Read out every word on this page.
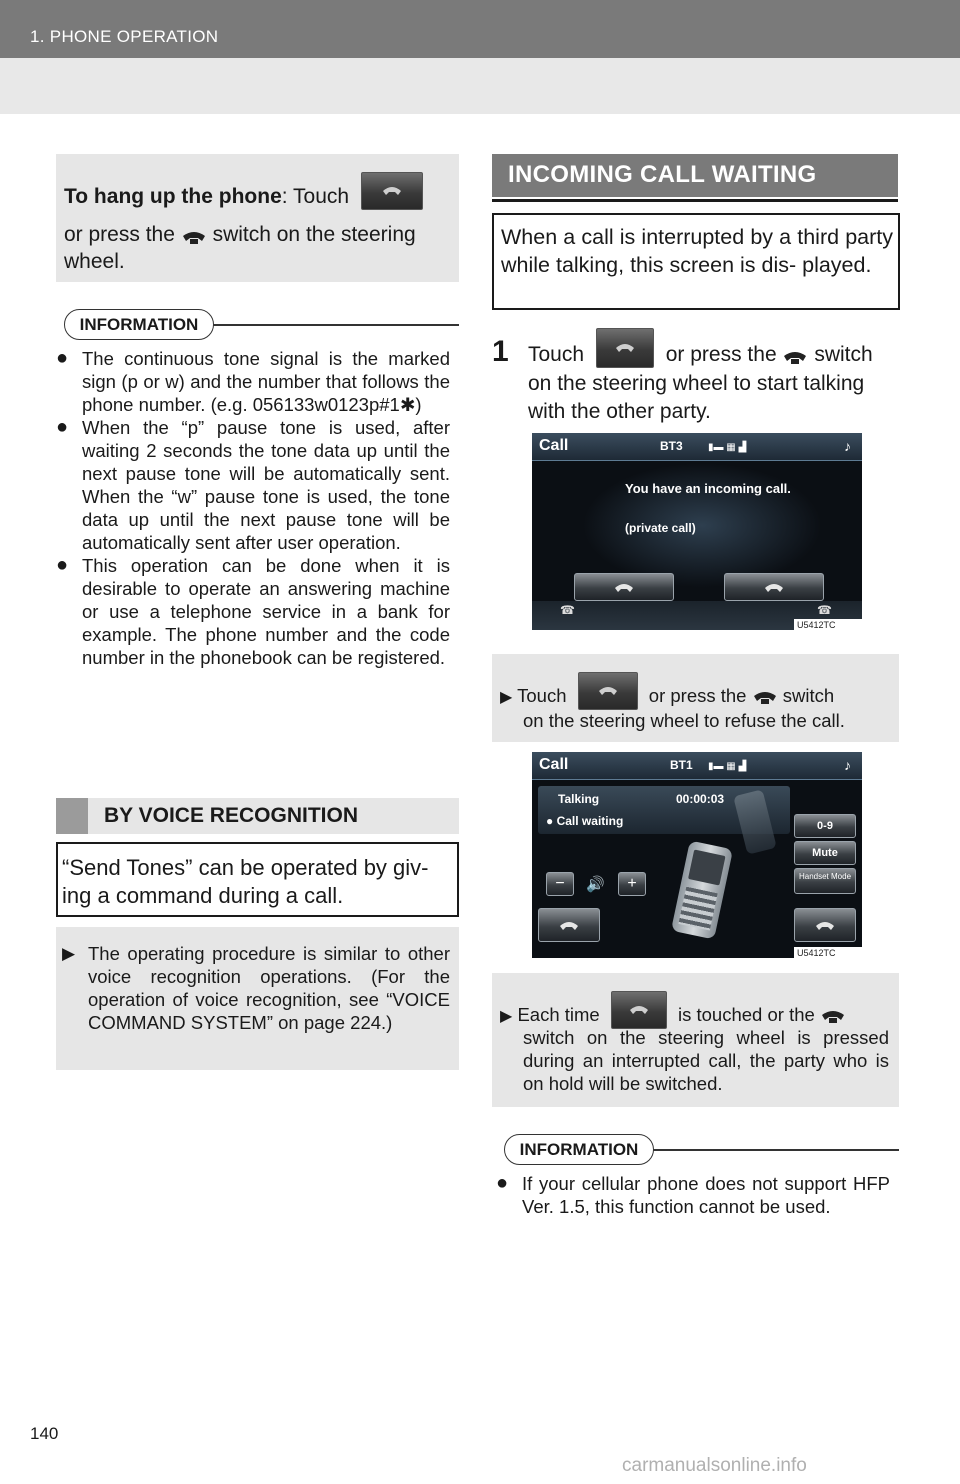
1. PHONE OPERATION
To hang up the phone: Touch
or press the switch on the steering
wheel.
INFORMATION
● The continuous tone signal is the marked sign (p or w) and the number that follows the phone number. (e.g. 056133w0123p#1✱)
● When the “p” pause tone is used, after waiting 2 seconds the tone data up until the next pause tone will be automatically sent. When the “w” pause tone is used, the tone data up until the next pause tone will be automatically sent after user operation.
● This operation can be done when it is desirable to operate an answering machine or use a telephone service in a bank for example. The phone number and the code number in the phonebook can be registered.
BY VOICE RECOGNITION
“Send Tones” can be operated by giv- ing a command during a call.
▶ The operating procedure is similar to other voice recognition operations. (For the operation of voice recognition, see “VOICE COMMAND SYSTEM” on page 224.)
INCOMING CALL WAITING
When a call is interrupted by a third party while talking, this screen is dis- played.
1 Touch	or press the switch
on the steering wheel to start talking
with the other party.
Call	BT3	▮▬ ▦ ▟	♪
You have an incoming call.
(private call)
☎	☎
U5412TC
▶ Touch	or press the switch
on the steering wheel to refuse the call.
Call	BT1 ▮▬ ▦ ▟	♪
Talking	00:00:03
● Call waiting	0-9
Mute
Handset Mode
−	🔊	+
U5412TC
▶ Each time	is touched or the
switch on the steering wheel is pressed during an interrupted call, the party who is on hold will be switched.
INFORMATION
● If your cellular phone does not support HFP Ver. 1.5, this function cannot be used.
140
carmanualsonline.info
